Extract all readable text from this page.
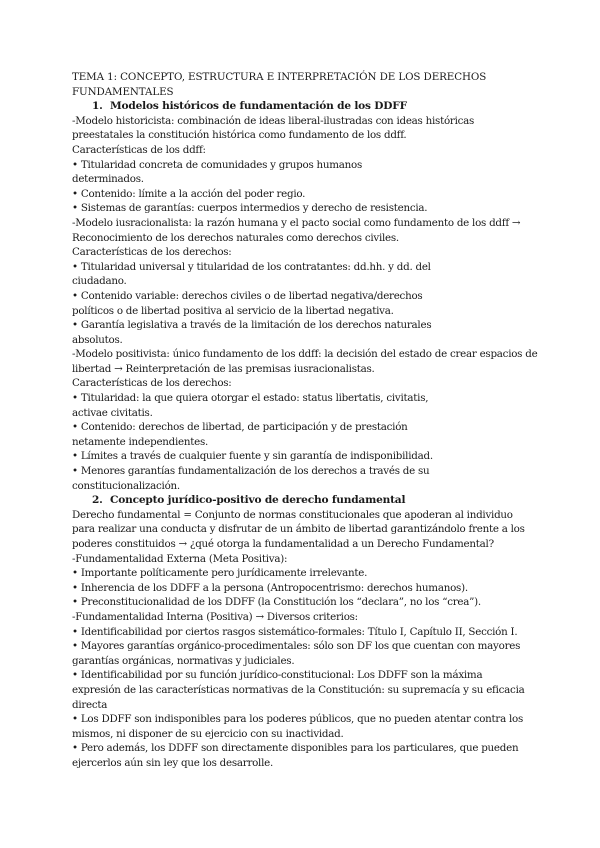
TEMA 1: CONCEPTO, ESTRUCTURA E INTERPRETACIÓN DE LOS DERECHOS
FUNDAMENTALES
1. Modelos históricos de fundamentación de los DDFF
-Modelo historicista: combinación de ideas liberal-ilustradas con ideas históricas
preestatales la constitución histórica como fundamento de los ddff.
Características de los ddff:
• Titularidad concreta de comunidades y grupos humanos
determinados.
• Contenido: límite a la acción del poder regio.
• Sistemas de garantías: cuerpos intermedios y derecho de resistencia.
-Modelo iusracionalista: la razón humana y el pacto social como fundamento de los ddff →
Reconocimiento de los derechos naturales como derechos civiles.
Características de los derechos:
• Titularidad universal y titularidad de los contratantes: dd.hh. y dd. del
ciudadano.
• Contenido variable: derechos civiles o de libertad negativa/derechos
políticos o de libertad positiva al servicio de la libertad negativa.
• Garantía legislativa a través de la limitación de los derechos naturales
absolutos.
-Modelo positivista: único fundamento de los ddff: la decisión del estado de crear espacios de
libertad → Reinterpretación de las premisas iusracionalistas.
Características de los derechos:
• Titularidad: la que quiera otorgar el estado: status libertatis, civitatis,
activae civitatis.
• Contenido: derechos de libertad, de participación y de prestación
netamente independientes.
• Límites a través de cualquier fuente y sin garantía de indisponibilidad.
• Menores garantías fundamentalización de los derechos a través de su
constitucionalización.
2. Concepto jurídico-positivo de derecho fundamental
Derecho fundamental = Conjunto de normas constitucionales que apoderan al individuo
para realizar una conducta y disfrutar de un ámbito de libertad garantizándolo frente a los
poderes constituidos → ¿qué otorga la fundamentalidad a un Derecho Fundamental?
-Fundamentalidad Externa (Meta Positiva):
• Importante políticamente pero jurídicamente irrelevante.
• Inherencia de los DDFF a la persona (Antropocentrismo: derechos humanos).
• Preconstitucionalidad de los DDFF (la Constitución los “declara”, no los “crea”).
-Fundamentalidad Interna (Positiva) → Diversos criterios:
• Identificabilidad por ciertos rasgos sistemático-formales: Título I, Capítulo II, Sección I.
• Mayores garantías orgánico-procedimentales: sólo son DF los que cuentan con mayores
garantías orgánicas, normativas y judiciales.
• Identificabilidad por su función jurídico-constitucional: Los DDFF son la máxima
expresión de las características normativas de la Constitución: su supremacía y su eficacia
directa
• Los DDFF son indisponibles para los poderes públicos, que no pueden atentar contra los
mismos, ni disponer de su ejercicio con su inactividad.
• Pero además, los DDFF son directamente disponibles para los particulares, que pueden
ejercerlos aún sin ley que los desarrolle.
